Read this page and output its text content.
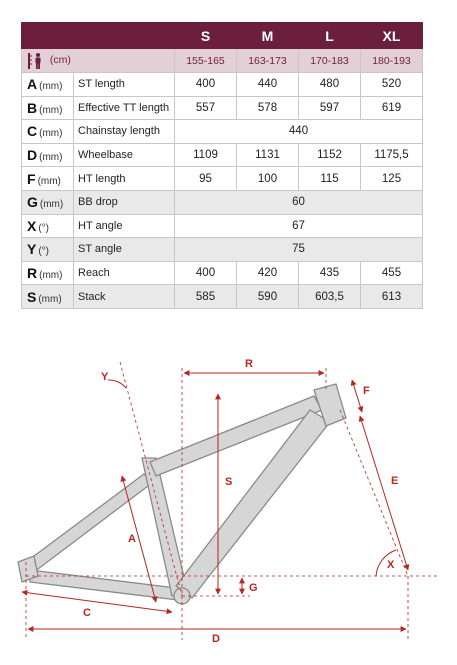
		S	M	L	XL
(cm)		155-165	163-173	170-183	180-193
A (mm)	ST length	400	440	480	520
B (mm)	Effective TT length	557	578	597	619
C (mm)	Chainstay length	440			
D (mm)	Wheelbase	1109	1131	1152	1175,5
F (mm)	HT length	95	100	115	125
G (mm)	BB drop	60			
X (°)	HT angle	67			
Y (°)	ST angle	75			
R (mm)	Reach	400	420	435	455
S (mm)	Stack	585	590	603,5	613
R
Y
F
S
A
E
G
X
C
D
